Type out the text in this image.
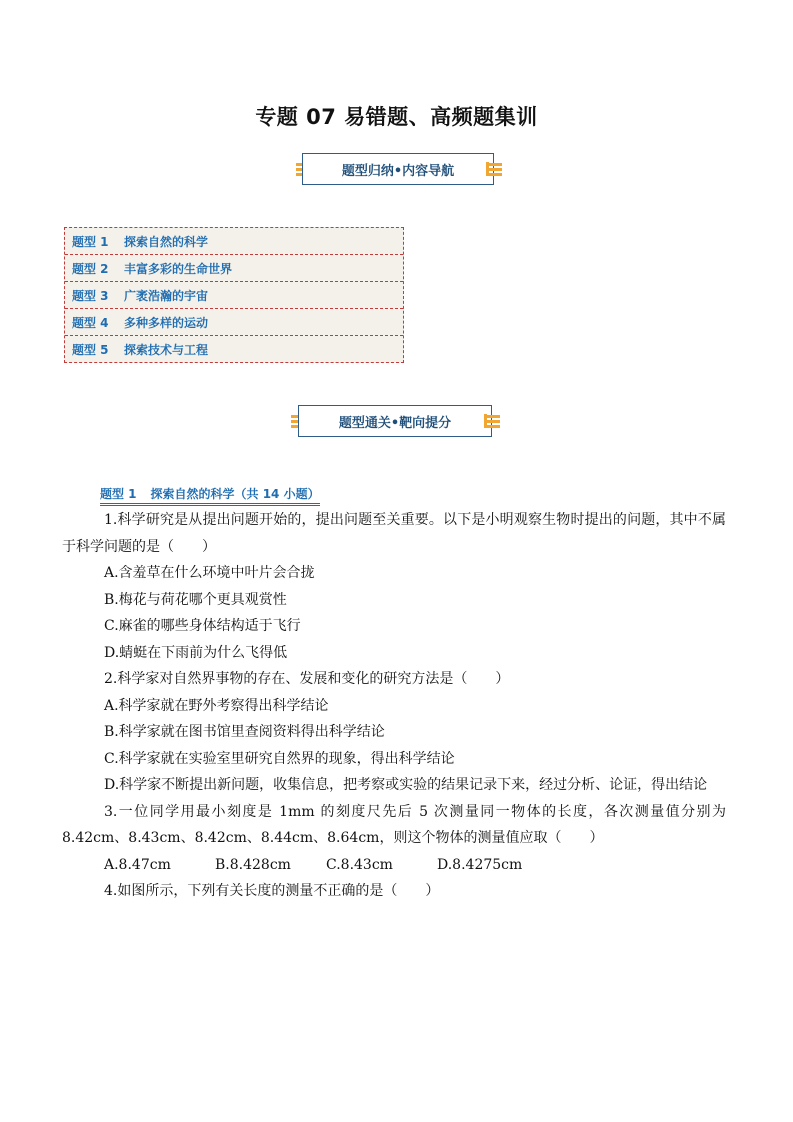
专题 07 易错题、高频题集训
题型归纳•内容导航
题型 1	探索自然的科学
题型 2	丰富多彩的生命世界
题型 3	广袤浩瀚的宇宙
题型 4	多种多样的运动
题型 5	探索技术与工程
题型通关•靶向提分
题型 1 探索自然的科学（共 14 小题）

1.科学研究是从提出问题开始的，提出问题至关重要。以下是小明观察生物时提出的问题，其中不属于科学问题的是（　　）

A.含羞草在什么环境中叶片会合拢

B.梅花与荷花哪个更具观赏性

C.麻雀的哪些身体结构适于飞行

D.蜻蜓在下雨前为什么飞得低

2.科学家对自然界事物的存在、发展和变化的研究方法是（　　）

A.科学家就在野外考察得出科学结论

B.科学家就在图书馆里查阅资料得出科学结论

C.科学家就在实验室里研究自然界的现象，得出科学结论

D.科学家不断提出新问题，收集信息，把考察或实验的结果记录下来，经过分析、论证，得出结论

3.一位同学用最小刻度是 1mm 的刻度尺先后 5 次测量同一物体的长度，各次测量值分别为 8.42cm、8.43cm、8.42cm、8.44cm、8.64cm，则这个物体的测量值应取（　　）

A.8.47cm	B.8.428cm	C.8.43cm	D.8.4275cm

4.如图所示，下列有关长度的测量不正确的是（　　）
